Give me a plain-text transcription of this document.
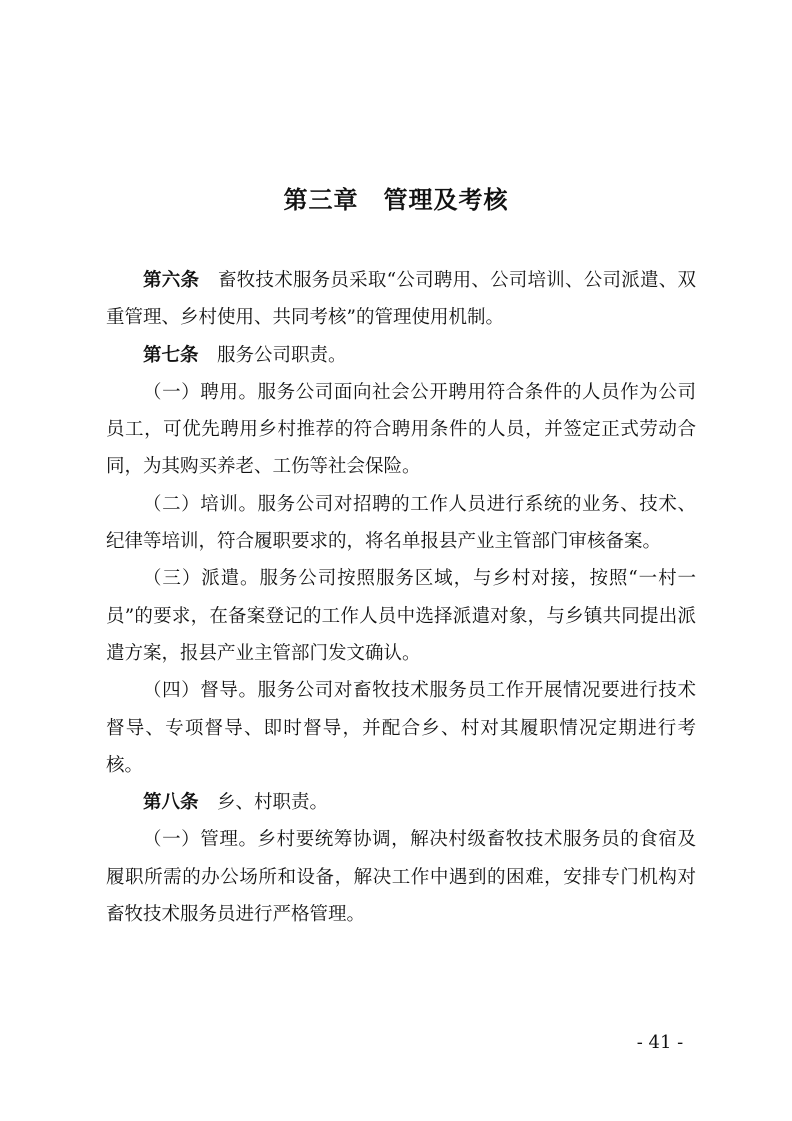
第三章　管理及考核

第六条　畜牧技术服务员采取“公司聘用、公司培训、公司派遣、双重管理、乡村使用、共同考核”的管理使用机制。

第七条　服务公司职责。

（一）聘用。服务公司面向社会公开聘用符合条件的人员作为公司员工，可优先聘用乡村推荐的符合聘用条件的人员，并签定正式劳动合同，为其购买养老、工伤等社会保险。

（二）培训。服务公司对招聘的工作人员进行系统的业务、技术、纪律等培训，符合履职要求的，将名单报县产业主管部门审核备案。

（三）派遣。服务公司按照服务区域，与乡村对接，按照“一村一员”的要求，在备案登记的工作人员中选择派遣对象，与乡镇共同提出派遣方案，报县产业主管部门发文确认。

（四）督导。服务公司对畜牧技术服务员工作开展情况要进行技术督导、专项督导、即时督导，并配合乡、村对其履职情况定期进行考核。

第八条　乡、村职责。

（一）管理。乡村要统筹协调，解决村级畜牧技术服务员的食宿及履职所需的办公场所和设备，解决工作中遇到的困难，安排专门机构对畜牧技术服务员进行严格管理。

- 41 -
